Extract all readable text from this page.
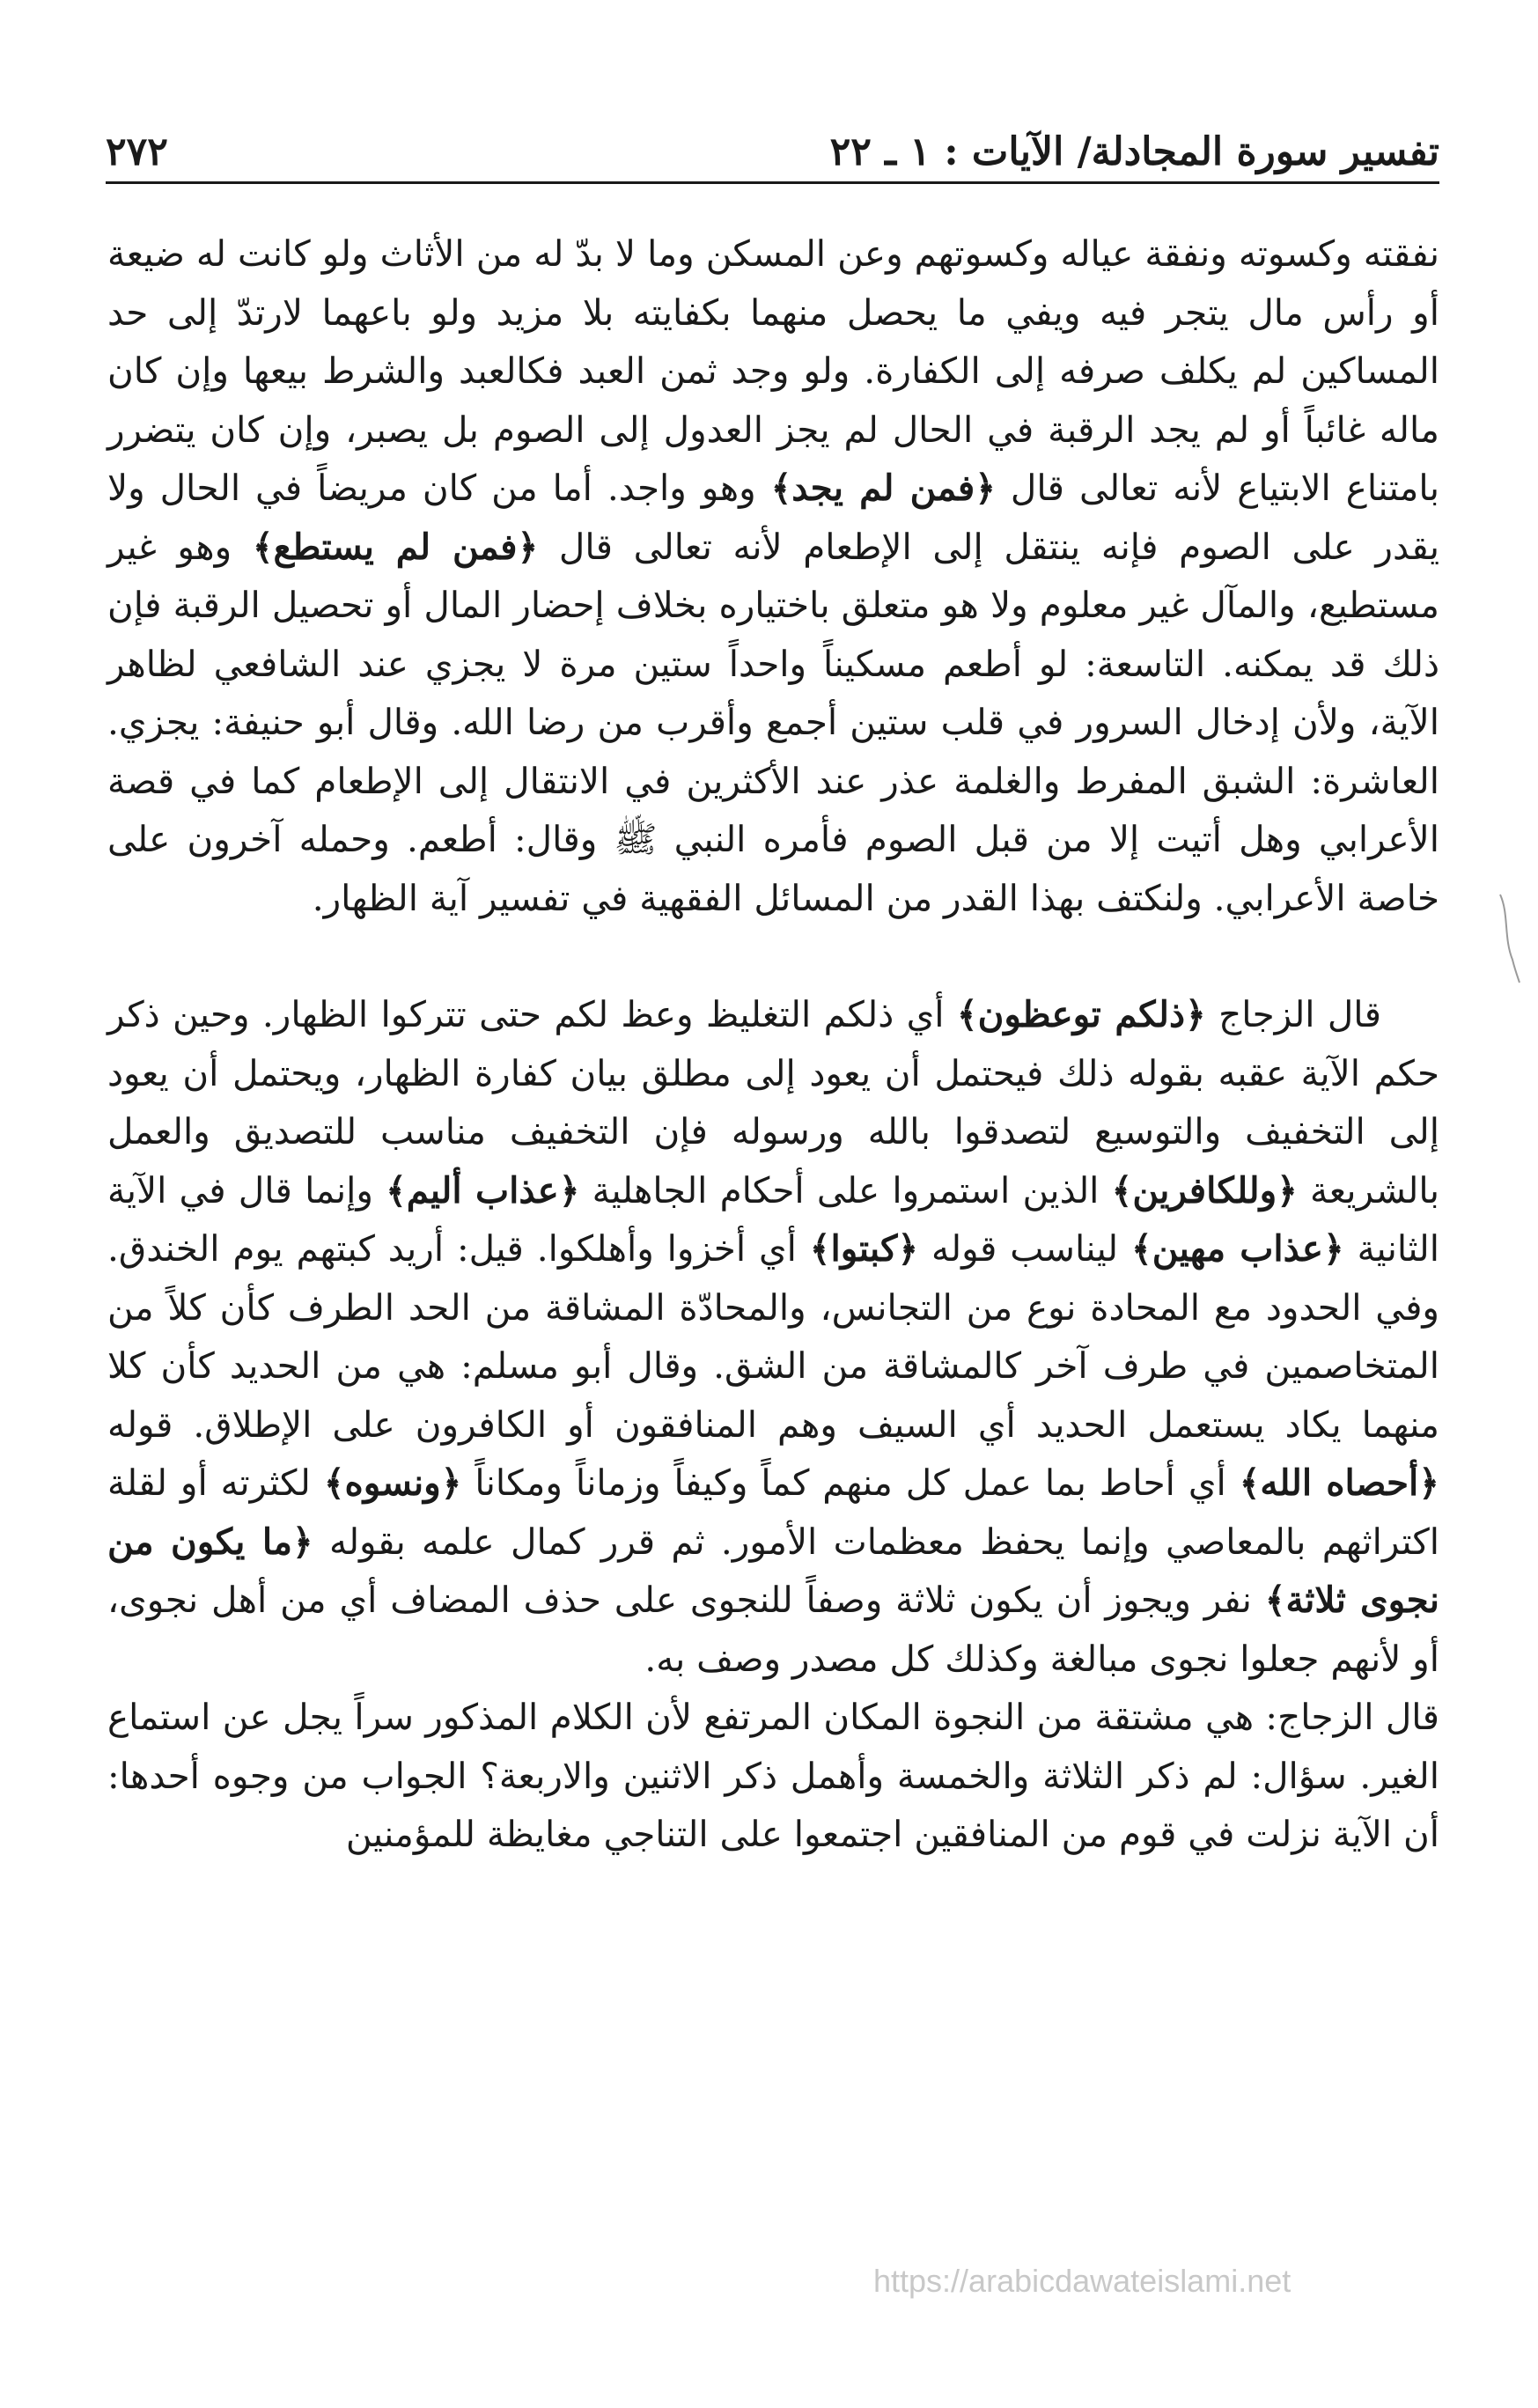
تفسير سورة المجادلة/ الآيات : ١ ـ ٢٢
٢٧٢

نفقته وكسوته ونفقة عياله وكسوتهم وعن المسكن وما لا بدّ له من الأثاث ولو كانت له ضيعة أو رأس مال يتجر فيه ويفي ما يحصل منهما بكفايته بلا مزيد ولو باعهما لارتدّ إلى حد المساكين لم يكلف صرفه إلى الكفارة. ولو وجد ثمن العبد فكالعبد والشرط بيعها وإن كان ماله غائباً أو لم يجد الرقبة في الحال لم يجز العدول إلى الصوم بل يصبر، وإن كان يتضرر بامتناع الابتياع لأنه تعالى قال ﴿فمن لم يجد﴾ وهو واجد. أما من كان مريضاً في الحال ولا يقدر على الصوم فإنه ينتقل إلى الإطعام لأنه تعالى قال ﴿فمن لم يستطع﴾ وهو غير مستطيع، والمآل غير معلوم ولا هو متعلق باختياره بخلاف إحضار المال أو تحصيل الرقبة فإن ذلك قد يمكنه. التاسعة: لو أطعم مسكيناً واحداً ستين مرة لا يجزي عند الشافعي لظاهر الآية، ولأن إدخال السرور في قلب ستين أجمع وأقرب من رضا الله. وقال أبو حنيفة: يجزي. العاشرة: الشبق المفرط والغلمة عذر عند الأكثرين في الانتقال إلى الإطعام كما في قصة الأعرابي وهل أتيت إلا من قبل الصوم فأمره النبي ﷺ وقال: أطعم. وحمله آخرون على خاصة الأعرابي. ولنكتف بهذا القدر من المسائل الفقهية في تفسير آية الظهار.

قال الزجاج ﴿ذلكم توعظون﴾ أي ذلكم التغليظ وعظ لكم حتى تتركوا الظهار. وحين ذكر حكم الآية عقبه بقوله ذلك فيحتمل أن يعود إلى مطلق بيان كفارة الظهار، ويحتمل أن يعود إلى التخفيف والتوسيع لتصدقوا بالله ورسوله فإن التخفيف مناسب للتصديق والعمل بالشريعة ﴿وللكافرين﴾ الذين استمروا على أحكام الجاهلية ﴿عذاب أليم﴾ وإنما قال في الآية الثانية ﴿عذاب مهين﴾ ليناسب قوله ﴿كبتوا﴾ أي أخزوا وأهلكوا. قيل: أريد كبتهم يوم الخندق. وفي الحدود مع المحادة نوع من التجانس، والمحادّة المشاقة من الحد الطرف كأن كلاً من المتخاصمين في طرف آخر كالمشاقة من الشق. وقال أبو مسلم: هي من الحديد كأن كلا منهما يكاد يستعمل الحديد أي السيف وهم المنافقون أو الكافرون على الإطلاق. قوله ﴿أحصاه الله﴾ أي أحاط بما عمل كل منهم كماً وكيفاً وزماناً ومكاناً ﴿ونسوه﴾ لكثرته أو لقلة اكتراثهم بالمعاصي وإنما يحفظ معظمات الأمور. ثم قرر كمال علمه بقوله ﴿ما يكون من نجوى ثلاثة﴾ نفر ويجوز أن يكون ثلاثة وصفاً للنجوى على حذف المضاف أي من أهل نجوى، أو لأنهم جعلوا نجوى مبالغة وكذلك كل مصدر وصف به.

قال الزجاج: هي مشتقة من النجوة المكان المرتفع لأن الكلام المذكور سراً يجل عن استماع الغير. سؤال: لم ذكر الثلاثة والخمسة وأهمل ذكر الاثنين والاربعة؟ الجواب من وجوه أحدها: أن الآية نزلت في قوم من المنافقين اجتمعوا على التناجي مغايظة للمؤمنين

https://arabicdawateislami.net
